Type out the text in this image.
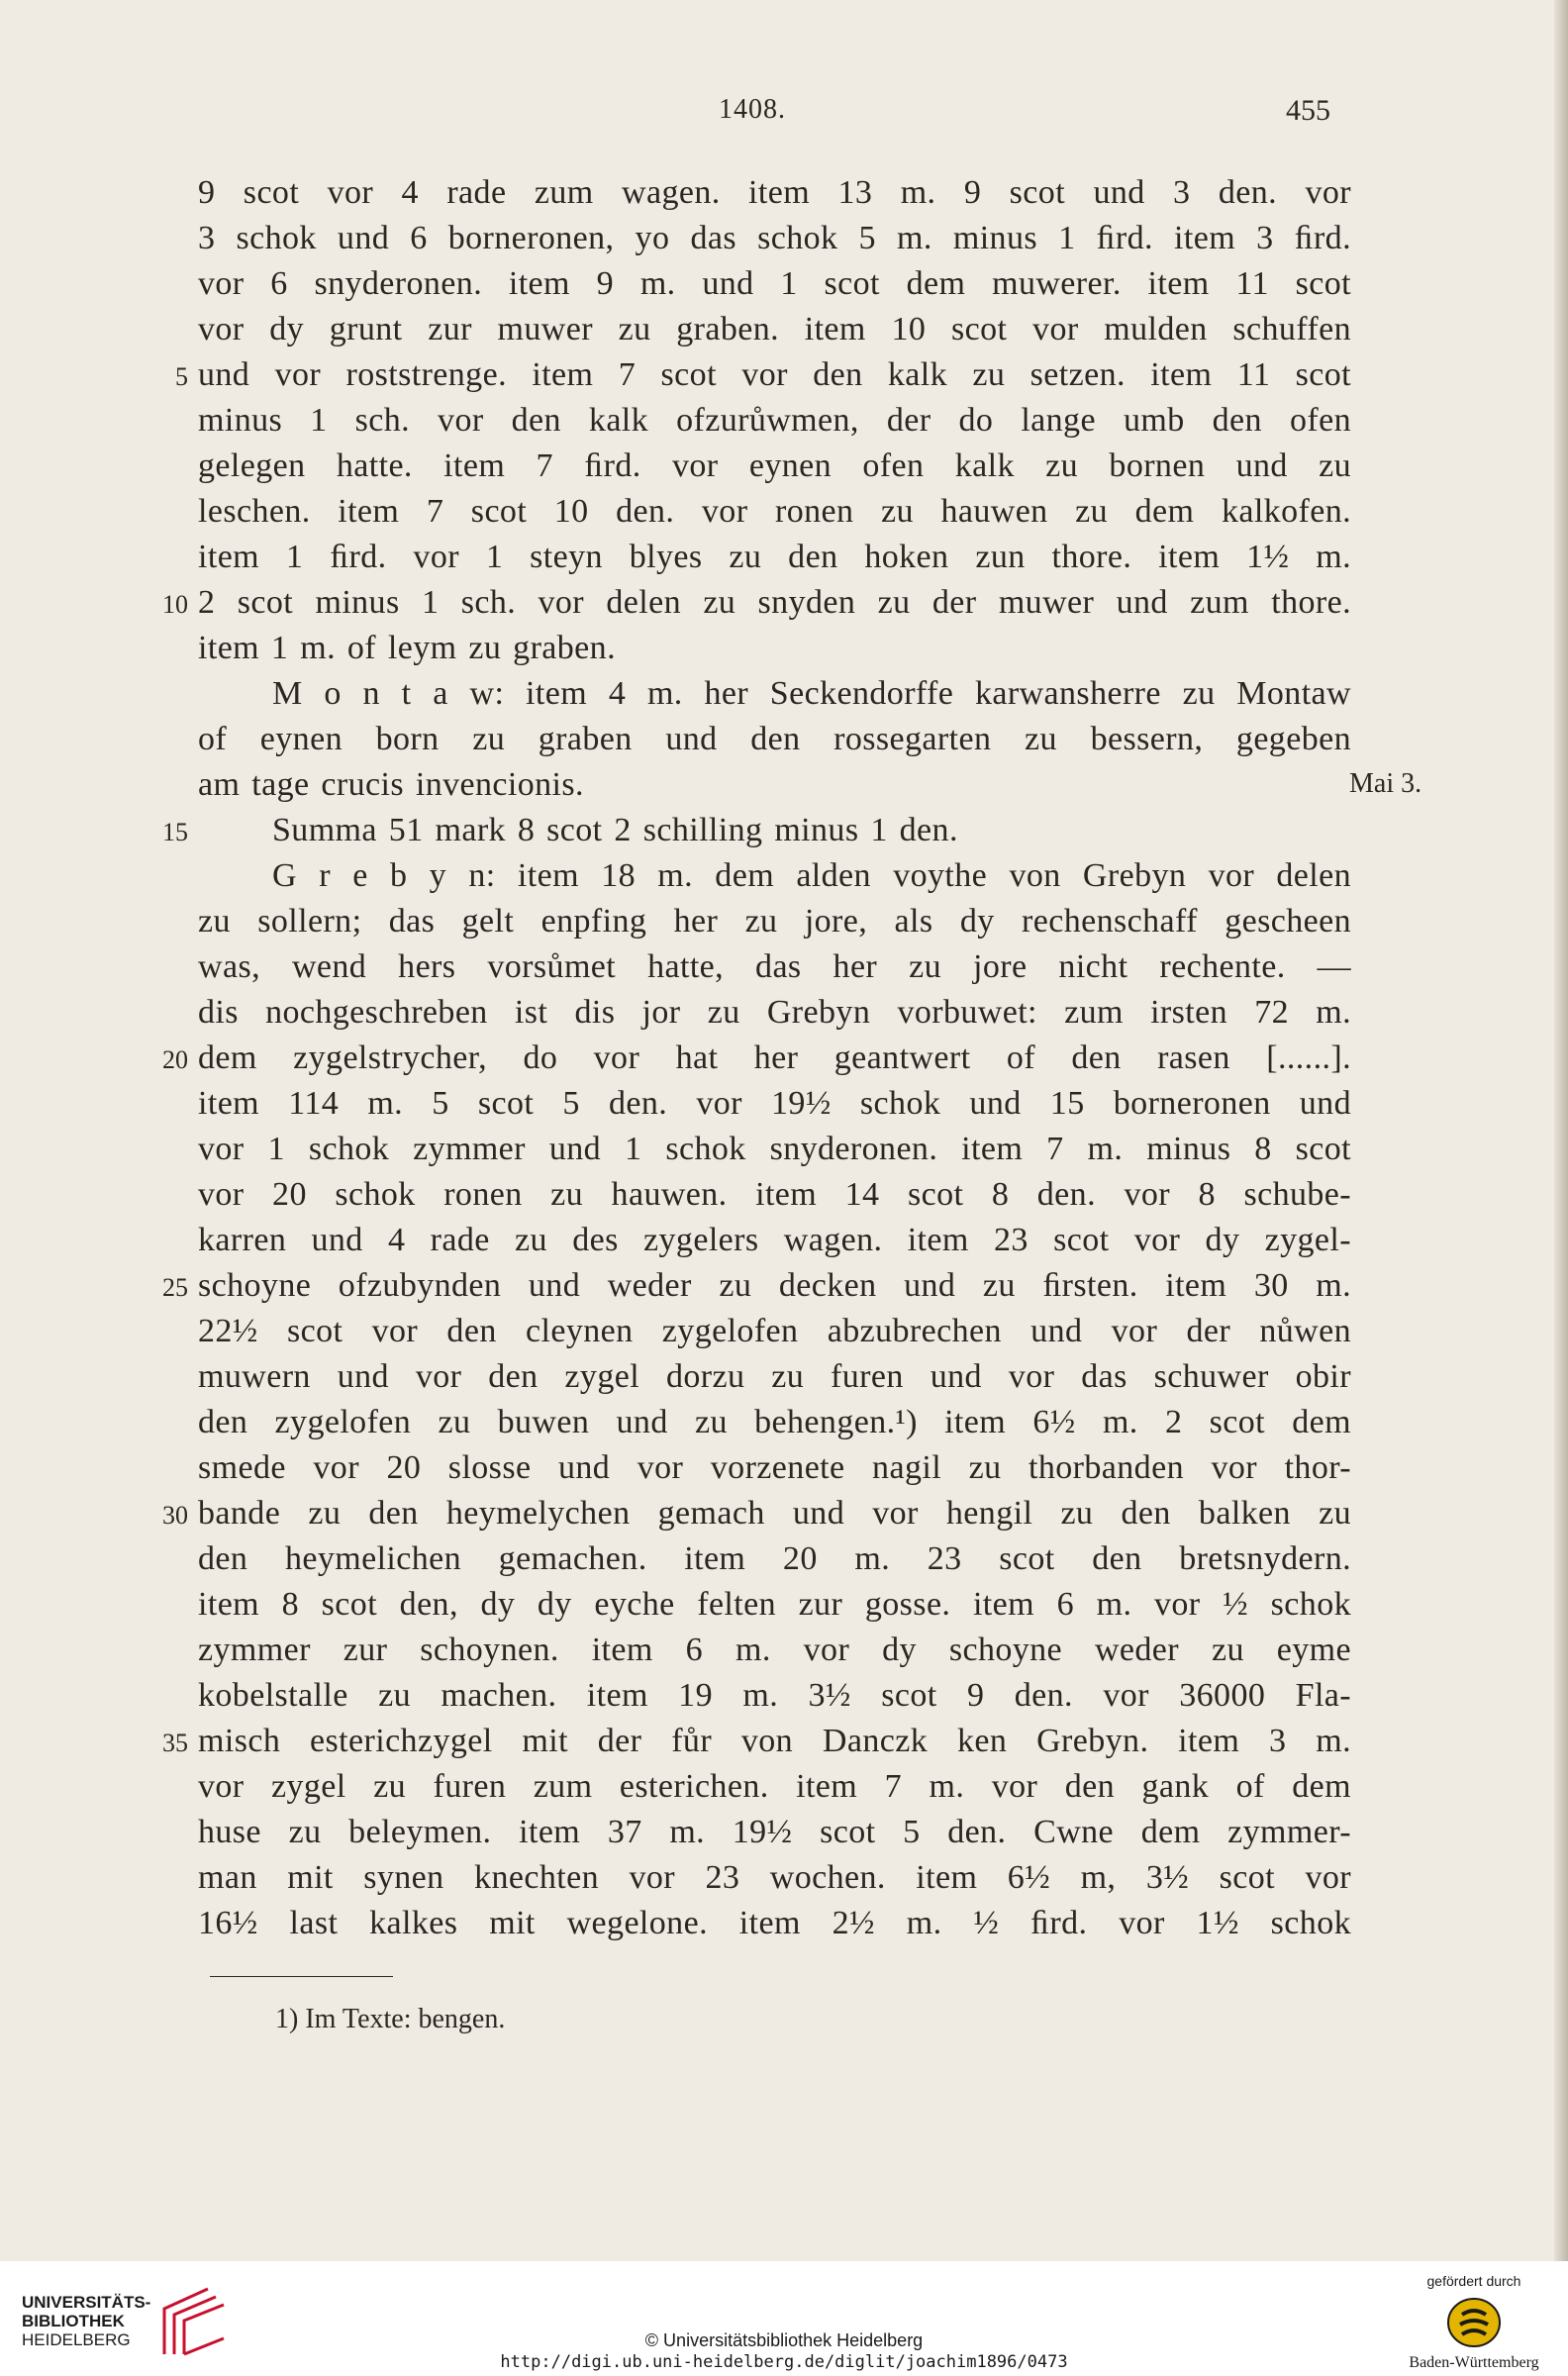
1408.	455
9 scot vor 4 rade zum wagen. item 13 m. 9 scot und 3 den. vor
3 schok und 6 borneronen, yo das schok 5 m. minus 1 ﬁrd. item 3 ﬁrd.
vor 6 snyderonen. item 9 m. und 1 scot dem muwerer. item 11 scot
vor dy grunt zur muwer zu graben. item 10 scot vor mulden schuffen
5 und vor roststrenge. item 7 scot vor den kalk zu setzen. item 11 scot
minus 1 sch. vor den kalk ofzurůwmen, der do lange umb den ofen
gelegen hatte. item 7 ﬁrd. vor eynen ofen kalk zu bornen und zu
leschen. item 7 scot 10 den. vor ronen zu hauwen zu dem kalkofen.
item 1 ﬁrd. vor 1 steyn blyes zu den hoken zun thore. item 1½ m.
10 2 scot minus 1 sch. vor delen zu snyden zu der muwer und zum thore.
item 1 m. of leym zu graben.
M o n t a w: item 4 m. her Seckendorffe karwansherre zu Montaw
of eynen born zu graben und den rossegarten zu bessern, gegeben
am tage crucis invencionis.	Mai 3.
15	Summa 51 mark 8 scot 2 schilling minus 1 den.
G r e b y n: item 18 m. dem alden voythe von Grebyn vor delen
zu sollern; das gelt enpfing her zu jore, als dy rechenschaff gescheen
was, wend hers vorsůmet hatte, das her zu jore nicht rechente. —
dis nochgeschreben ist dis jor zu Grebyn vorbuwet: zum irsten 72 m.
20 dem zygelstrycher, do vor hat her geantwert of den rasen [......].
item 114 m. 5 scot 5 den. vor 19½ schok und 15 borneronen und
vor 1 schok zymmer und 1 schok snyderonen. item 7 m. minus 8 scot
vor 20 schok ronen zu hauwen. item 14 scot 8 den. vor 8 schube-
karren und 4 rade zu des zygelers wagen. item 23 scot vor dy zygel-
25 schoyne ofzubynden und weder zu decken und zu ﬁrsten. item 30 m.
22½ scot vor den cleynen zygelofen abzubrechen und vor der nůwen
muwern und vor den zygel dorzu zu furen und vor das schuwer obir
den zygelofen zu buwen und zu behengen.¹) item 6½ m. 2 scot dem
smede vor 20 slosse und vor vorzenete nagil zu thorbanden vor thor-
30 bande zu den heymelychen gemach und vor hengil zu den balken zu
den heymelichen gemachen. item 20 m. 23 scot den bretsnydern.
item 8 scot den, dy dy eyche felten zur gosse. item 6 m. vor ½ schok
zymmer zur schoynen. item 6 m. vor dy schoyne weder zu eyme
kobelstalle zu machen. item 19 m. 3½ scot 9 den. vor 36000 Fla-
35 misch esterichzygel mit der fůr von Danczk ken Grebyn. item 3 m.
vor zygel zu furen zum esterichen. item 7 m. vor den gank of dem
huse zu beleymen. item 37 m. 19½ scot 5 den. Cwne dem zymmer-
man mit synen knechten vor 23 wochen. item 6½ m, 3½ scot vor
16½ last kalkes mit wegelone. item 2½ m. ½ ﬁrd. vor 1½ schok
1) Im Texte: bengen.
UNIVERSITÄTS-
BIBLIOTHEK
HEIDELBERG	© Universitätsbibliothek Heidelberg
http://digi.ub.uni-heidelberg.de/diglit/joachim1896/0473
gefördert durch
Baden-Württemberg
